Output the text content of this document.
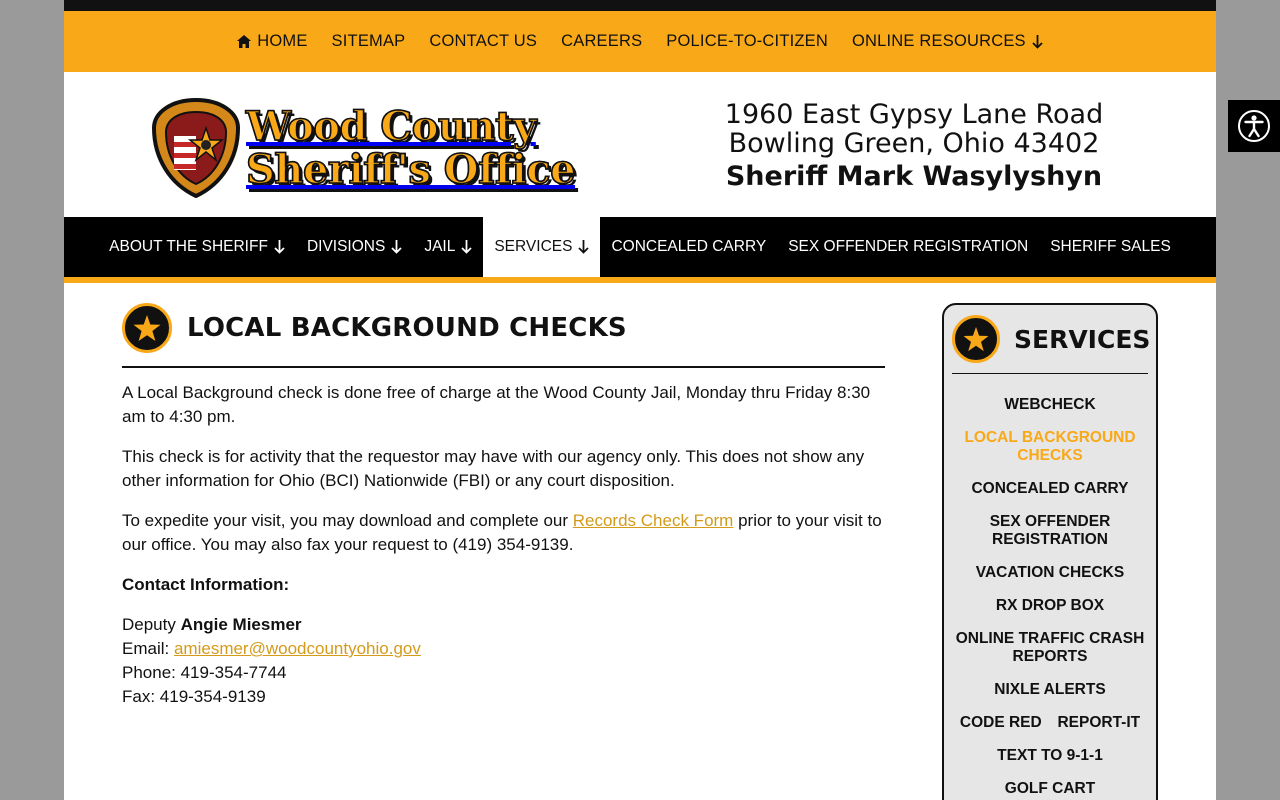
HOME SITEMAP CONTACT US CAREERS POLICE-TO-CITIZEN ONLINE RESOURCES
Wood County
Sheriff's Office
1960 East Gypsy Lane Road
Bowling Green, Ohio 43402
Sheriff Mark Wasylyshyn
ABOUT THE SHERIFF	DIVISIONS	JAIL	SERVICES	CONCEALED CARRY SEX OFFENDER REGISTRATION SHERIFF SALES
LOCAL BACKGROUND CHECKS

A Local Background check is done free of charge at the Wood County Jail, Monday thru Friday 8:30 am to 4:30 pm.

This check is for activity that the requestor may have with our agency only. This does not show any other information for Ohio (BCI) Nationwide (FBI) or any court disposition.

To expedite your visit, you may download and complete our Records Check Form prior to your visit to our office. You may also fax your request to (419) 354-9139.

Contact Information:

Deputy Angie Miesmer
Email: amiesmer@woodcountyohio.gov
Phone: 419-354-7744
Fax: 419-354-9139

SERVICES
WEBCHECK
LOCAL BACKGROUND CHECKS
CONCEALED CARRY
SEX OFFENDER REGISTRATION
VACATION CHECKS
RX DROP BOX
ONLINE TRAFFIC CRASH REPORTS
NIXLE ALERTS
CODE RED REPORT-IT
TEXT TO 9-1-1
GOLF CART
